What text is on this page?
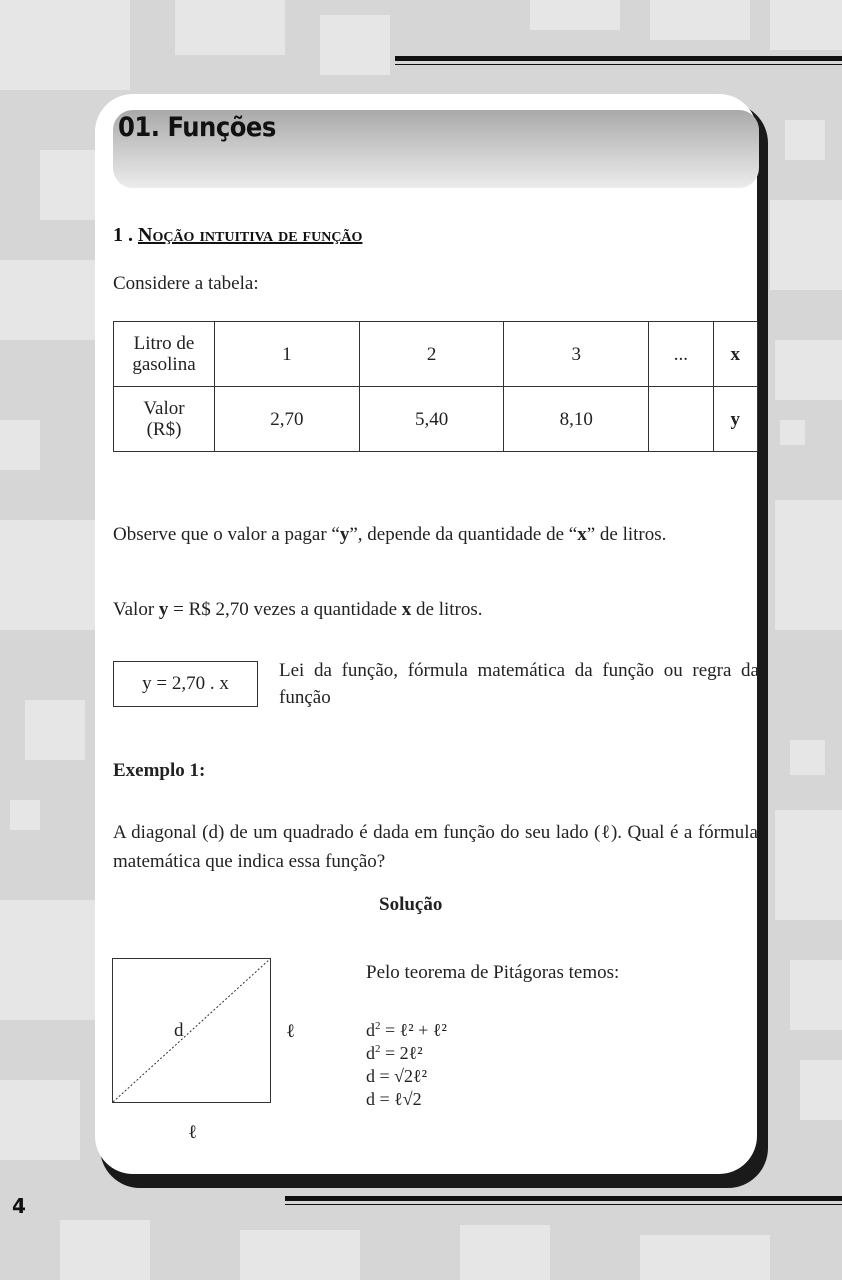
01. Funções
1 . Noção intuitiva de função
Considere a tabela:
Litro de
gasolina	1	2	3	...	x
Valor
(R$)	2,70	5,40	8,10		y
Observe que o valor a pagar “y”, depende da quantidade de “x” de litros.
Valor y = R$ 2,70 vezes a quantidade x de litros.
y = 2,70 . x
Lei da função, fórmula matemática da função ou regra da função
Exemplo 1:
A diagonal (d) de um quadrado é dada em função do seu lado (ℓ). Qual é a fórmula matemática que indica essa função?
Solução
Pelo teorema de Pitágoras temos:
d
ℓ
ℓ	$d^2$ = ℓ² + ℓ²
$d^2$ = 2ℓ²
d = √2ℓ²
d = ℓ√2
4
